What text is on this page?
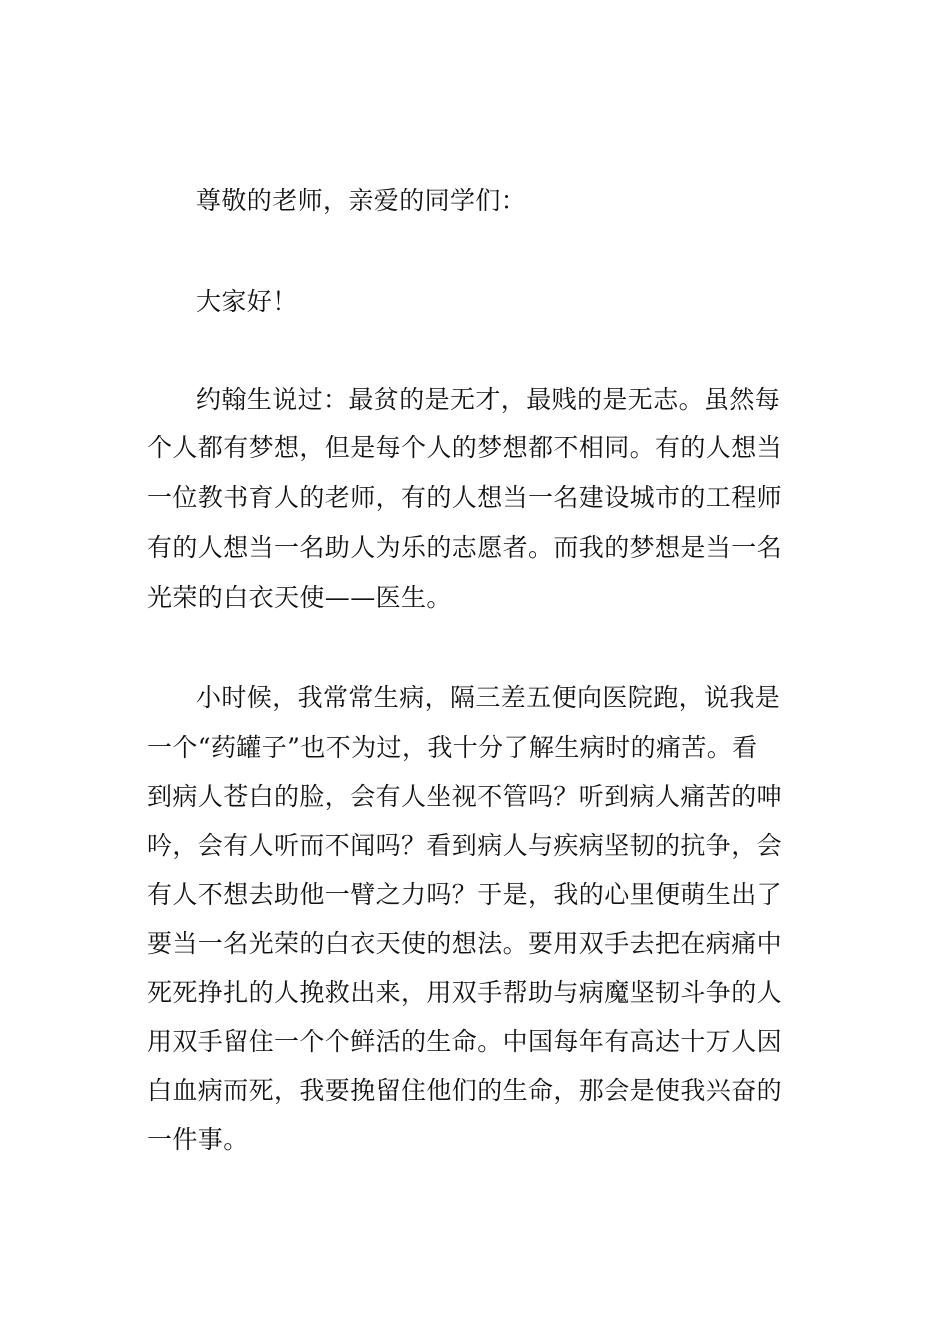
尊敬的老师，亲爱的同学们：
大家好！
约翰生说过：最贫的是无才，最贱的是无志。虽然每
个人都有梦想，但是每个人的梦想都不相同。有的人想当
一位教书育人的老师，有的人想当一名建设城市的工程师
有的人想当一名助人为乐的志愿者。而我的梦想是当一名
光荣的白衣天使——医生。
小时候，我常常生病，隔三差五便向医院跑，说我是
一个“药罐子”也不为过，我十分了解生病时的痛苦。看
到病人苍白的脸，会有人坐视不管吗？听到病人痛苦的呻
吟，会有人听而不闻吗？看到病人与疾病坚韧的抗争，会
有人不想去助他一臂之力吗？于是，我的心里便萌生出了
要当一名光荣的白衣天使的想法。要用双手去把在病痛中
死死挣扎的人挽救出来，用双手帮助与病魔坚韧斗争的人
用双手留住一个个鲜活的生命。中国每年有高达十万人因
白血病而死，我要挽留住他们的生命，那会是使我兴奋的
一件事。
